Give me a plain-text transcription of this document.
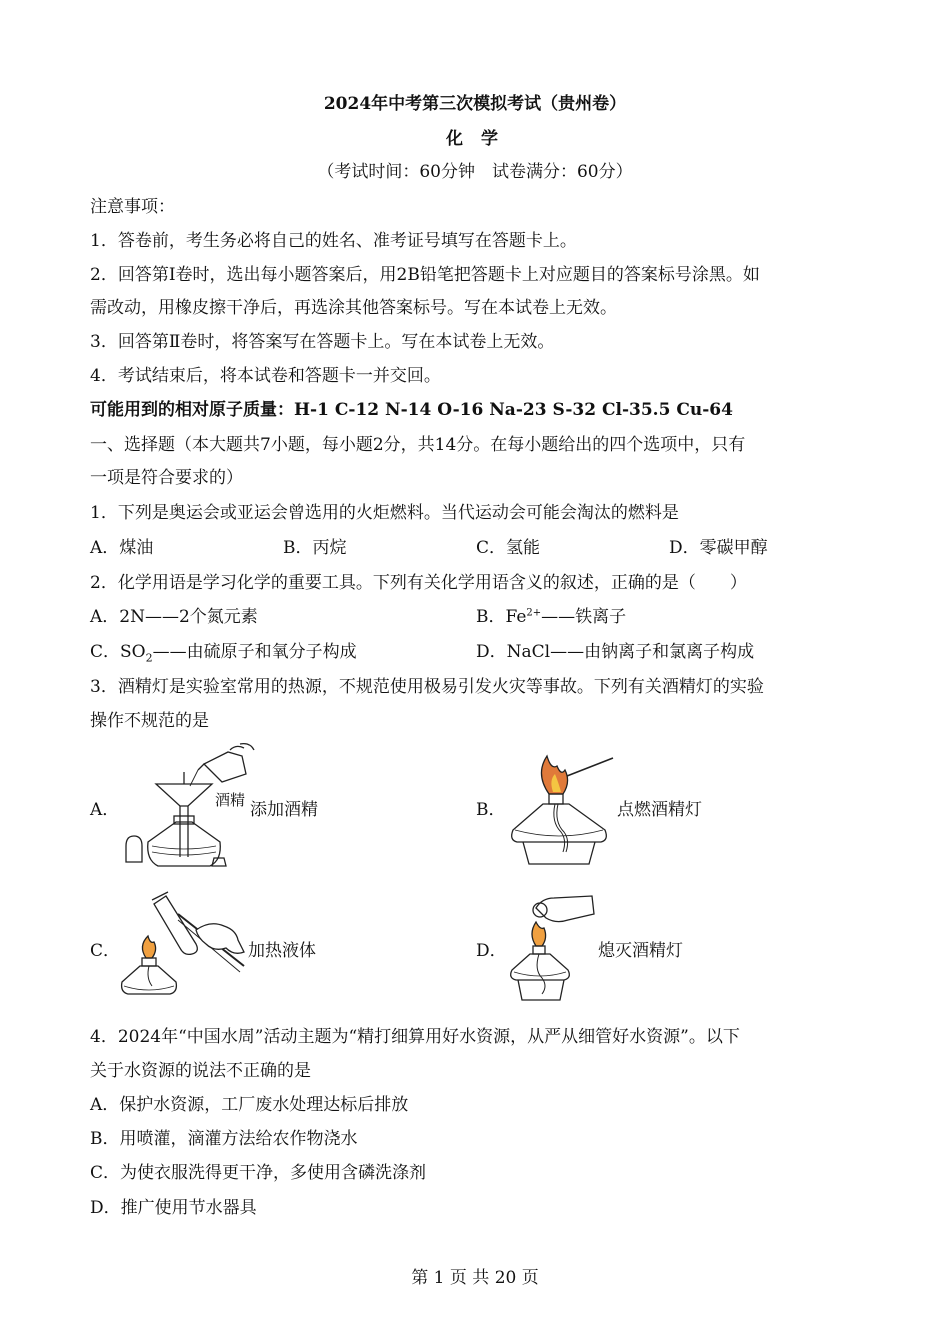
2024年中考第三次模拟考试（贵州卷）
化 学
（考试时间：60分钟　试卷满分：60分）
注意事项：
1．答卷前，考生务必将自己的姓名、准考证号填写在答题卡上。
2．回答第Ⅰ卷时，选出每小题答案后，用2B铅笔把答题卡上对应题目的答案标号涂黑。如
需改动，用橡皮擦干净后，再选涂其他答案标号。写在本试卷上无效。
3．回答第Ⅱ卷时，将答案写在答题卡上。写在本试卷上无效。
4．考试结束后，将本试卷和答题卡一并交回。
可能用到的相对原子质量：H-1 C-12 N-14 O-16 Na-23 S-32 Cl-35.5 Cu-64
一、选择题（本大题共7小题，每小题2分，共14分。在每小题给出的四个选项中，只有
一项是符合要求的）
1．下列是奥运会或亚运会曾选用的火炬燃料。当代运动会可能会淘汰的燃料是
A．煤油	B．丙烷	C．氢能	D．零碳甲醇
2．化学用语是学习化学的重要工具。下列有关化学用语含义的叙述，正确的是（　　）
A．2N——2个氮元素	B．$Fe^{2+}——$铁离子
C．$SO_2——$由硫原子和氧分子构成	D．NaCl——由钠离子和氯离子构成
3．酒精灯是实验室常用的热源，不规范使用极易引发火灾等事故。下列有关酒精灯的实验
操作不规范的是
A．	酒精 添加酒精	B．	点燃酒精灯
C．	加热液体	D．	熄灭酒精灯
4．2024年“中国水周”活动主题为“精打细算用好水资源，从严从细管好水资源”。以下
关于水资源的说法不正确的是
A．保护水资源，工厂废水处理达标后排放
B．用喷灌，滴灌方法给农作物浇水
C．为使衣服洗得更干净，多使用含磷洗涤剂
D．推广使用节水器具
第 1 页 共 20 页
